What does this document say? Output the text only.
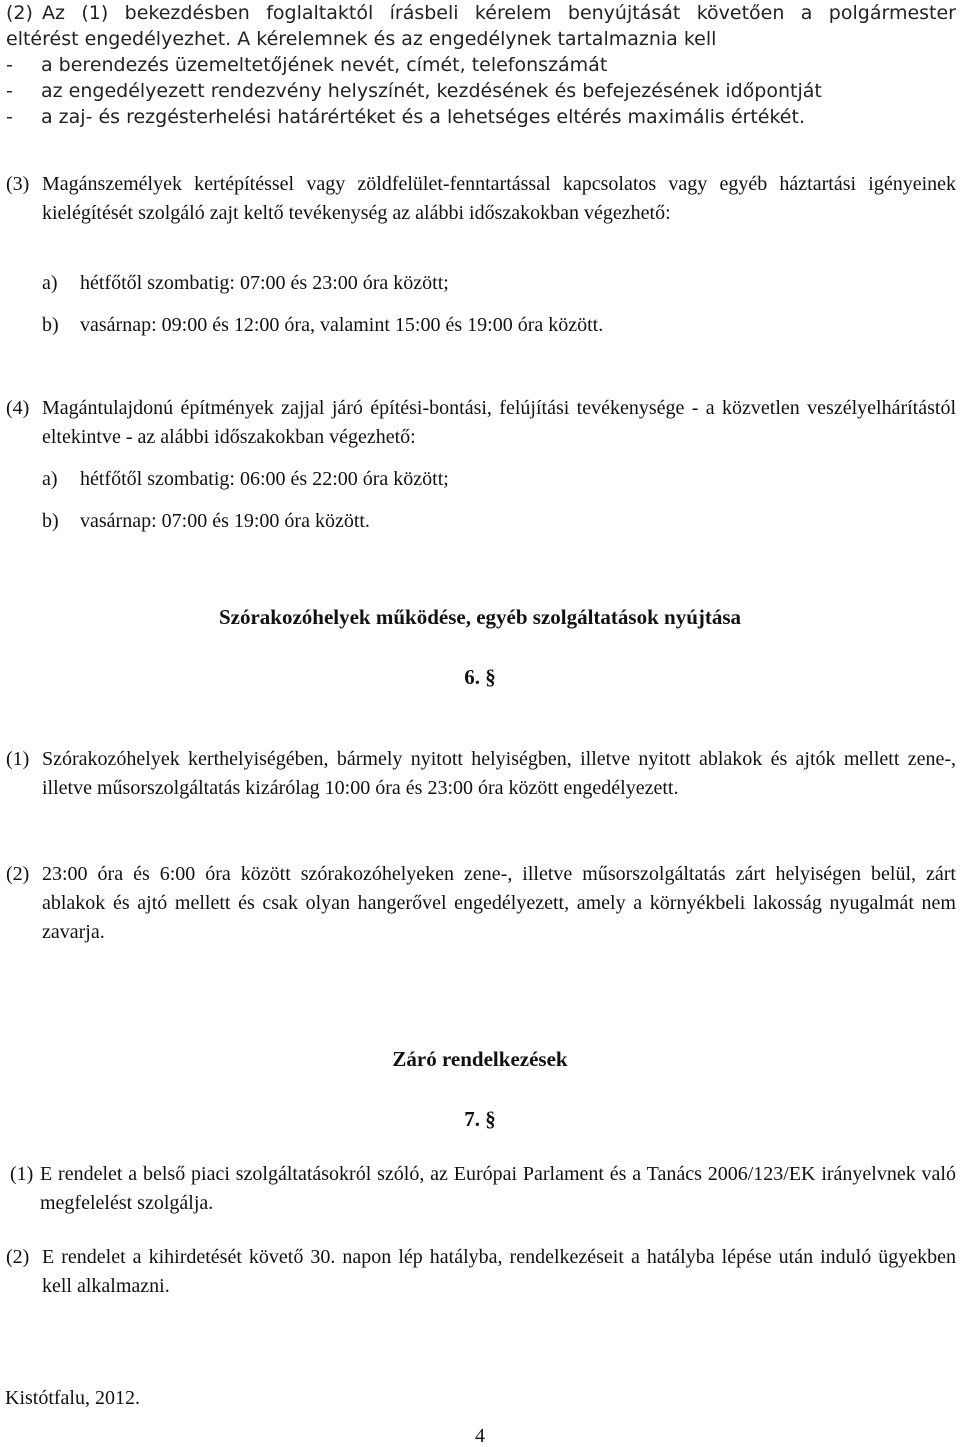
(2) Az (1) bekezdésben foglaltaktól írásbeli kérelem benyújtását követően a polgármester
eltérést engedélyezhet. A kérelemnek és az engedélynek tartalmaznia kell
-	a berendezés üzemeltetőjének nevét, címét, telefonszámát
-	az engedélyezett rendezvény helyszínét, kezdésének és befejezésének időpontját
-	a zaj- és rezgésterhelési határértéket és a lehetséges eltérés maximális értékét.
(3) Magánszemélyek kertépítéssel vagy zöldfelület-fenntartással kapcsolatos vagy egyéb háztartási igényeinek kielégítését szolgáló zajt keltő tevékenység az alábbi időszakokban végezhető:
a)	hétfőtől szombatig: 07:00 és 23:00 óra között;
b)	vasárnap: 09:00 és 12:00 óra, valamint 15:00 és 19:00 óra között.
(4) Magántulajdonú építmények zajjal járó építési-bontási, felújítási tevékenysége - a közvetlen veszélyelhárítástól eltekintve - az alábbi időszakokban végezhető:
a)	hétfőtől szombatig: 06:00 és 22:00 óra között;
b)	vasárnap: 07:00 és 19:00 óra között.
Szórakozóhelyek működése, egyéb szolgáltatások nyújtása
6. §
(1) Szórakozóhelyek kerthelyiségében, bármely nyitott helyiségben, illetve nyitott ablakok és ajtók mellett zene-, illetve műsorszolgáltatás kizárólag 10:00 óra és 23:00 óra között engedélyezett.
(2) 23:00 óra és 6:00 óra között szórakozóhelyeken zene-, illetve műsorszolgáltatás zárt helyiségen belül, zárt ablakok és ajtó mellett és csak olyan hangerővel engedélyezett, amely a környékbeli lakosság nyugalmát nem zavarja.
Záró rendelkezések
7. §
(1) E rendelet a belső piaci szolgáltatásokról szóló, az Európai Parlament és a Tanács 2006/123/EK irányelvnek való megfelelést szolgálja.
(2) E rendelet a kihirdetését követő 30. napon lép hatályba, rendelkezéseit a hatályba lépése után induló ügyekben kell alkalmazni.
Kistótfalu, 2012.
4
